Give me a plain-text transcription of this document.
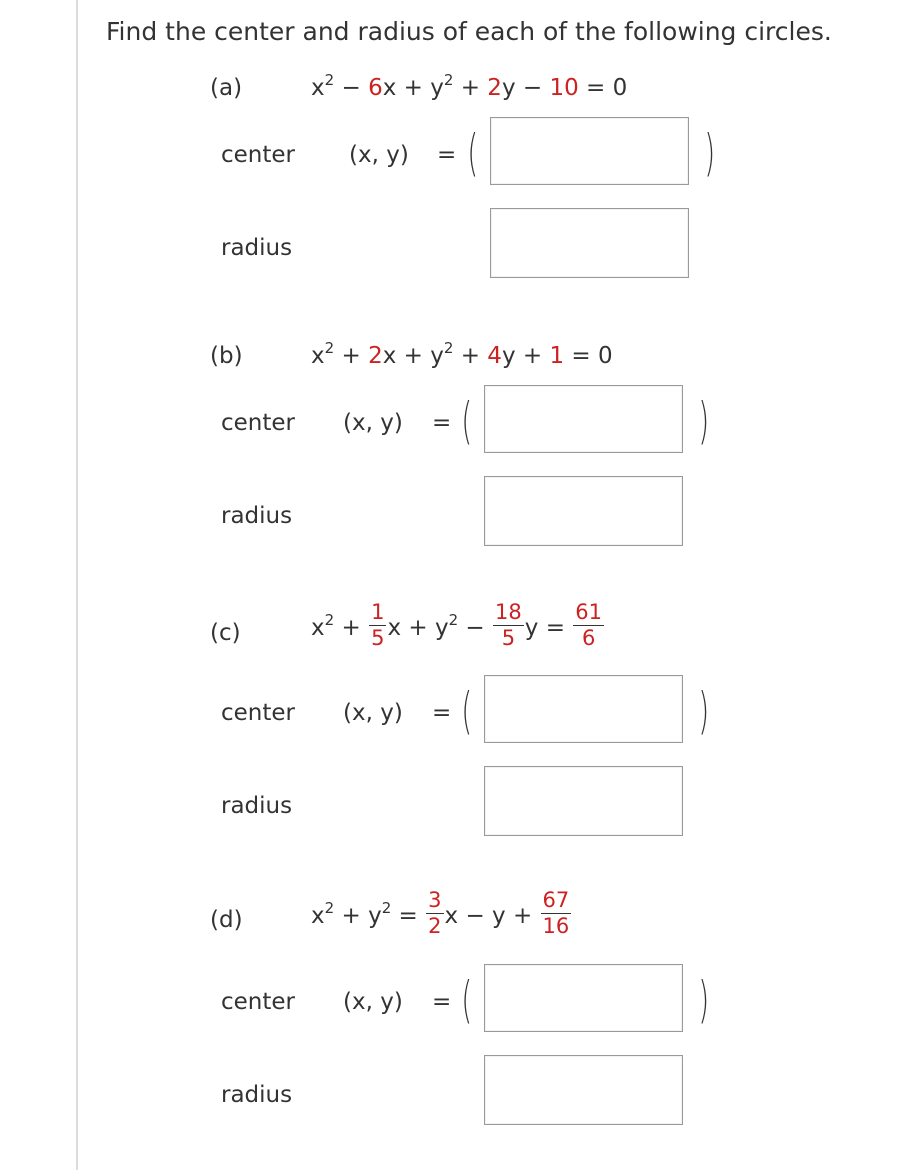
Find the center and radius of each of the following circles.
(a)	$x^2 - 6x + y^2 + 2y - 10 = 0$
center (x, y) = (	)
radius
(b)	$x^2 + 2x + y^2 + 4y + 1 = 0$
center (x, y) = (	)
radius
(c)	$x^2 + \frac{1}{5}$ $x + y^2 - \frac{18}{5}$ $y = \frac{61}{6}$
center (x, y) = (	)
radius
(d)	$x^2 + y^2 = \frac{3}{2}$ $x - y + \frac{67}{16}$
center (x, y) = (	)
radius
